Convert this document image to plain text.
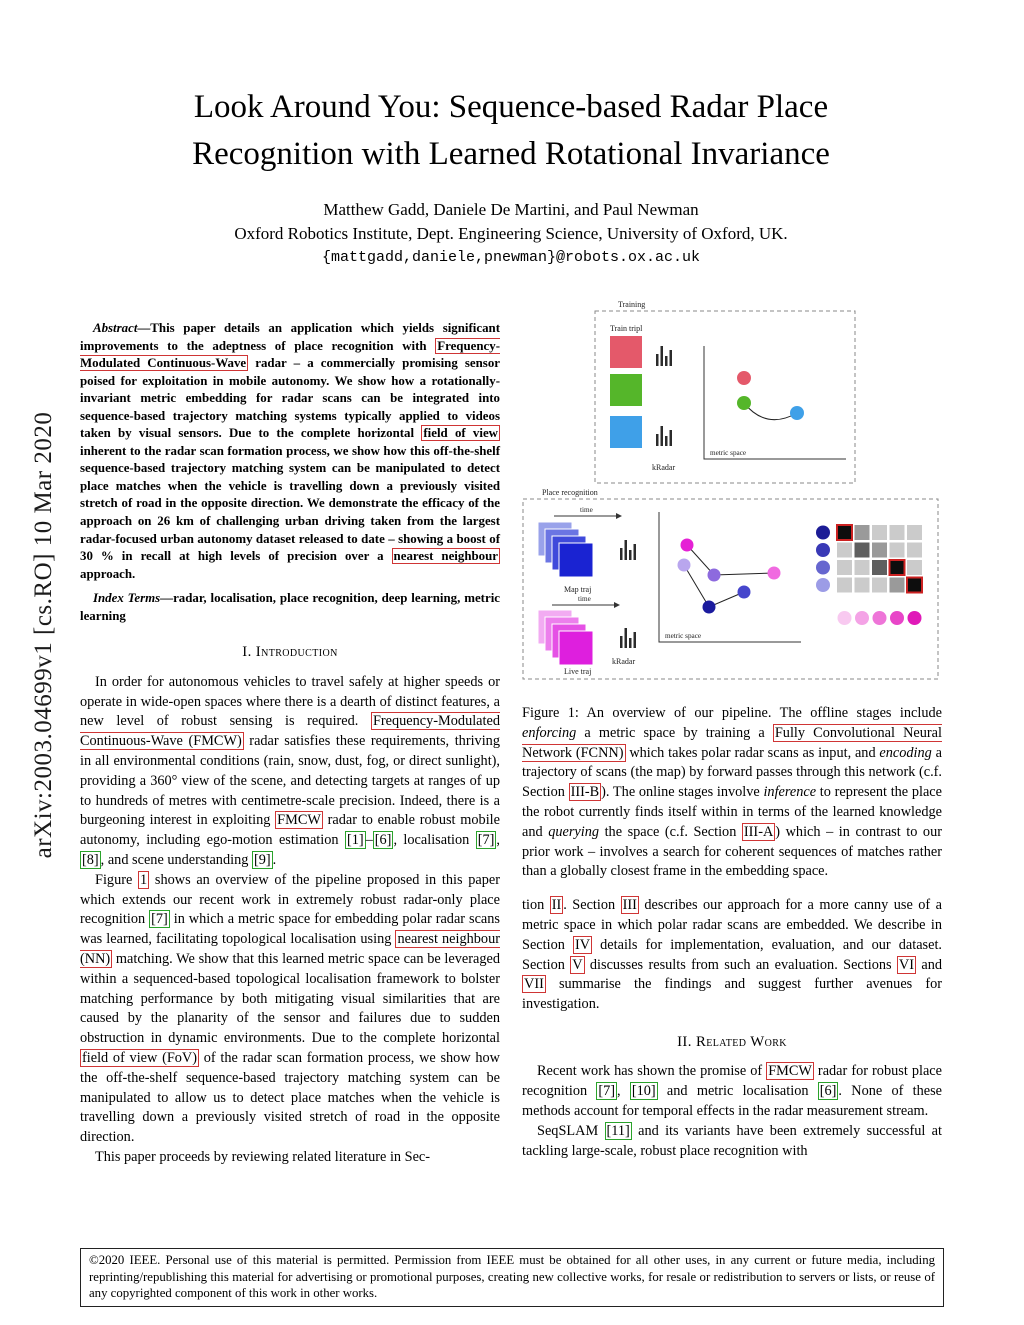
arXiv:2003.04699v1 [cs.RO] 10 Mar 2020
Look Around You: Sequence-based Radar Place
Recognition with Learned Rotational Invariance
Matthew Gadd, Daniele De Martini, and Paul Newman
Oxford Robotics Institute, Dept. Engineering Science, University of Oxford, UK.
{mattgadd,daniele,pnewman}@robots.ox.ac.uk

Abstract—This paper details an application which yields significant improvements to the adeptness of place recognition with Frequency-Modulated Continuous-Wave radar – a commercially promising sensor poised for exploitation in mobile autonomy. We show how a rotationally-invariant metric embedding for radar scans can be integrated into sequence-based trajectory matching systems typically applied to videos taken by visual sensors. Due to the complete horizontal field of view inherent to the radar scan formation process, we show how this off-the-shelf sequence-based trajectory matching system can be manipulated to detect place matches when the vehicle is travelling down a previously visited stretch of road in the opposite direction. We demonstrate the efficacy of the approach on 26 km of challenging urban driving taken from the largest radar-focused urban autonomy dataset released to date – showing a boost of 30 % in recall at high levels of precision over a nearest neighbour approach.

Index Terms—radar, localisation, place recognition, deep learning, metric learning

I. Introduction

In order for autonomous vehicles to travel safely at higher speeds or operate in wide-open spaces where there is a dearth of distinct features, a new level of robust sensing is required. Frequency-Modulated Continuous-Wave (FMCW) radar satisfies these requirements, thriving in all environmental conditions (rain, snow, dust, fog, or direct sunlight), providing a 360° view of the scene, and detecting targets at ranges of up to hundreds of metres with centimetre-scale precision. Indeed, there is a burgeoning interest in exploiting FMCW radar to enable robust mobile autonomy, including ego-motion estimation [1] – [6] , localisation [7] , [8] , and scene understanding [9] .

Figure 1 shows an overview of the pipeline proposed in this paper which extends our recent work in extremely robust radar-only place recognition [7] in which a metric space for embedding polar radar scans was learned, facilitating topological localisation using nearest neighbour (NN) matching. We show that this learned metric space can be leveraged within a sequenced-based topological localisation framework to bolster matching performance by both mitigating visual similarities that are caused by the planarity of the sensor and failures due to sudden obstruction in dynamic environments. Due to the complete horizontal field of view (FoV) of the radar scan formation process, we show how the off-the-shelf sequence-based trajectory matching system can be manipulated to allow us to detect place matches when the vehicle is travelling down a previously visited stretch of road in the opposite direction.

This paper proceeds by reviewing related literature in Sec-

Training
Train tripl
kRadar
metric space
Place recognition
time
Map traj
time
Live traj
kRadar
metric space

Figure 1: An overview of our pipeline. The offline stages include enforcing a metric space by training a Fully Convolutional Neural Network (FCNN) which takes polar radar scans as input, and encoding a trajectory of scans (the map) by forward passes through this network (c.f. Section III-B ). The online stages involve inference to represent the place the robot currently finds itself within in terms of the learned knowledge and querying the space (c.f. Section III-A ) which – in contrast to our prior work – involves a search for coherent sequences of matches rather than a globally closest frame in the embedding space.

tion II . Section III describes our approach for a more canny use of a metric space in which polar radar scans are embedded. We describe in Section IV details for implementation, evaluation, and our dataset. Section V discusses results from such an evaluation. Sections VI and VII summarise the findings and suggest further avenues for investigation.

II. Related Work

Recent work has shown the promise of FMCW radar for robust place recognition [7] , [10] and metric localisation [6] . None of these methods account for temporal effects in the radar measurement stream.

SeqSLAM [11] and its variants have been extremely successful at tackling large-scale, robust place recognition with

©2020 IEEE. Personal use of this material is permitted. Permission from IEEE must be obtained for all other uses, in any current or future media, including reprinting/republishing this material for advertising or promotional purposes, creating new collective works, for resale or redistribution to servers or lists, or reuse of any copyrighted component of this work in other works.
